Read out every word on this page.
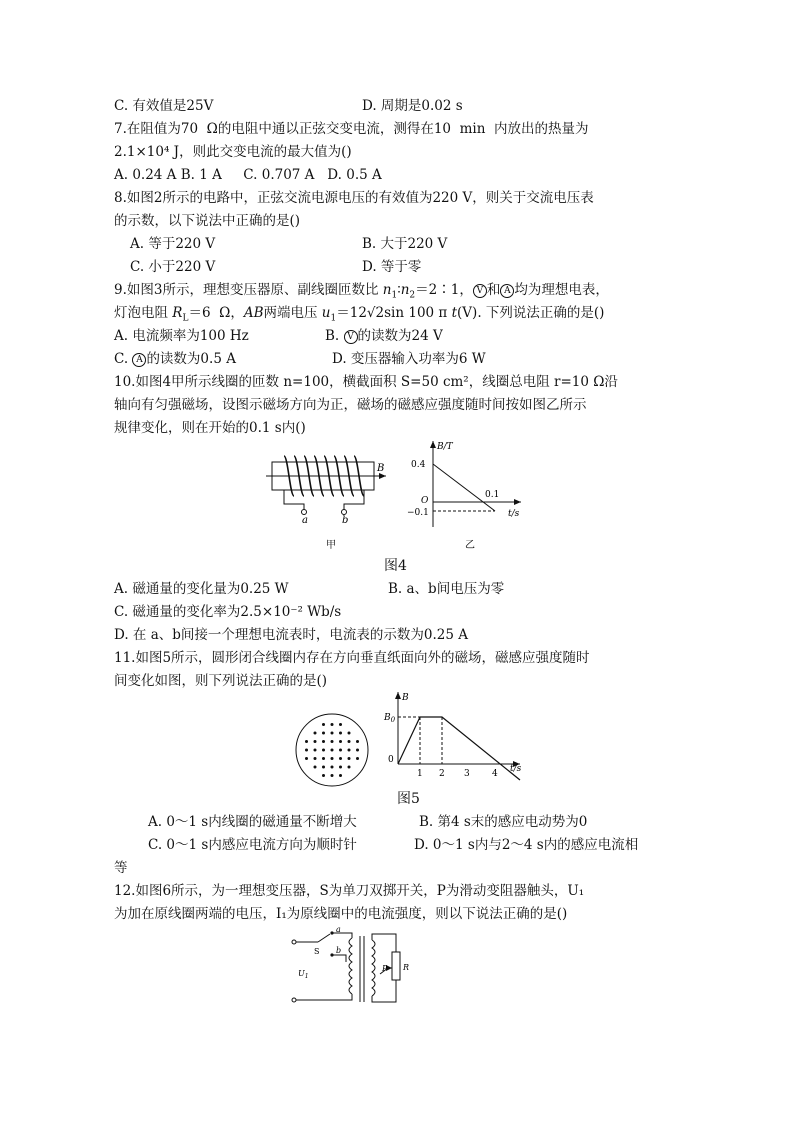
C. 有效值是25V	D. 周期是0.02 s
7.在阻值为70  Ω的电阻中通以正弦交变电流，测得在10  min  内放出的热量为
2.1×10⁴ J，则此交变电流的最大值为()
A. 0.24 A B. 1 A     C. 0.707 A   D. 0.5 A
8.如图2所示的电路中，正弦交流电源电压的有效值为220 V，则关于交流电压表
的示数，以下说法中正确的是()
A. 等于220 V	B. 大于220 V
C. 小于220 V	D. 等于零
9.如图3所示，理想变压器原、副线圈匝数比 $n_1∶n_2=2∶1$， V 和 A 均为理想电表，
灯泡电阻 $R_L=6$  Ω，AB两端电压 $u_1=12√2\sin$ 100 π t(V). 下列说法正确的是()
A. 电流频率为100 Hz	B. V 的读数为24 V
C. A 的读数为0.5 A	D. 变压器输入功率为6 W
10.如图4甲所示线圈的匝数 n=100，横截面积 S=50 cm²，线圈总电阻 r=10 Ω沿
轴向有匀强磁场，设图示磁场方向为正，磁场的磁感应强度随时间按如图乙所示
规律变化，则在开始的0.1 s内()
B
a	b
甲
B/T
0.4
O
−0.1
0.1
t/s
乙
图4
A. 磁通量的变化量为0.25 W	B. a、b间电压为零
C. 磁通量的变化率为2.5×10⁻² Wb/s
D. 在 a、b间接一个理想电流表时，电流表的示数为0.25 A
11.如图5所示，圆形闭合线圈内存在方向垂直纸面向外的磁场，磁感应强度随时
间变化如图，则下列说法正确的是()
B
$B_0$
0
1 2 3 4 t/s
图5
A. 0～1 s内线圈的磁通量不断增大	B. 第4 s末的感应电动势为0
C. 0～1 s内感应电流方向为顺时针	D. 0～1 s内与2～4 s内的感应电流相
等
12.如图6所示，为一理想变压器，S为单刀双掷开关，P为滑动变阻器触头，U₁
为加在原线圈两端的电压，I₁为原线圈中的电流强度，则以下说法正确的是()
a
b
S
$U_1$
P R
